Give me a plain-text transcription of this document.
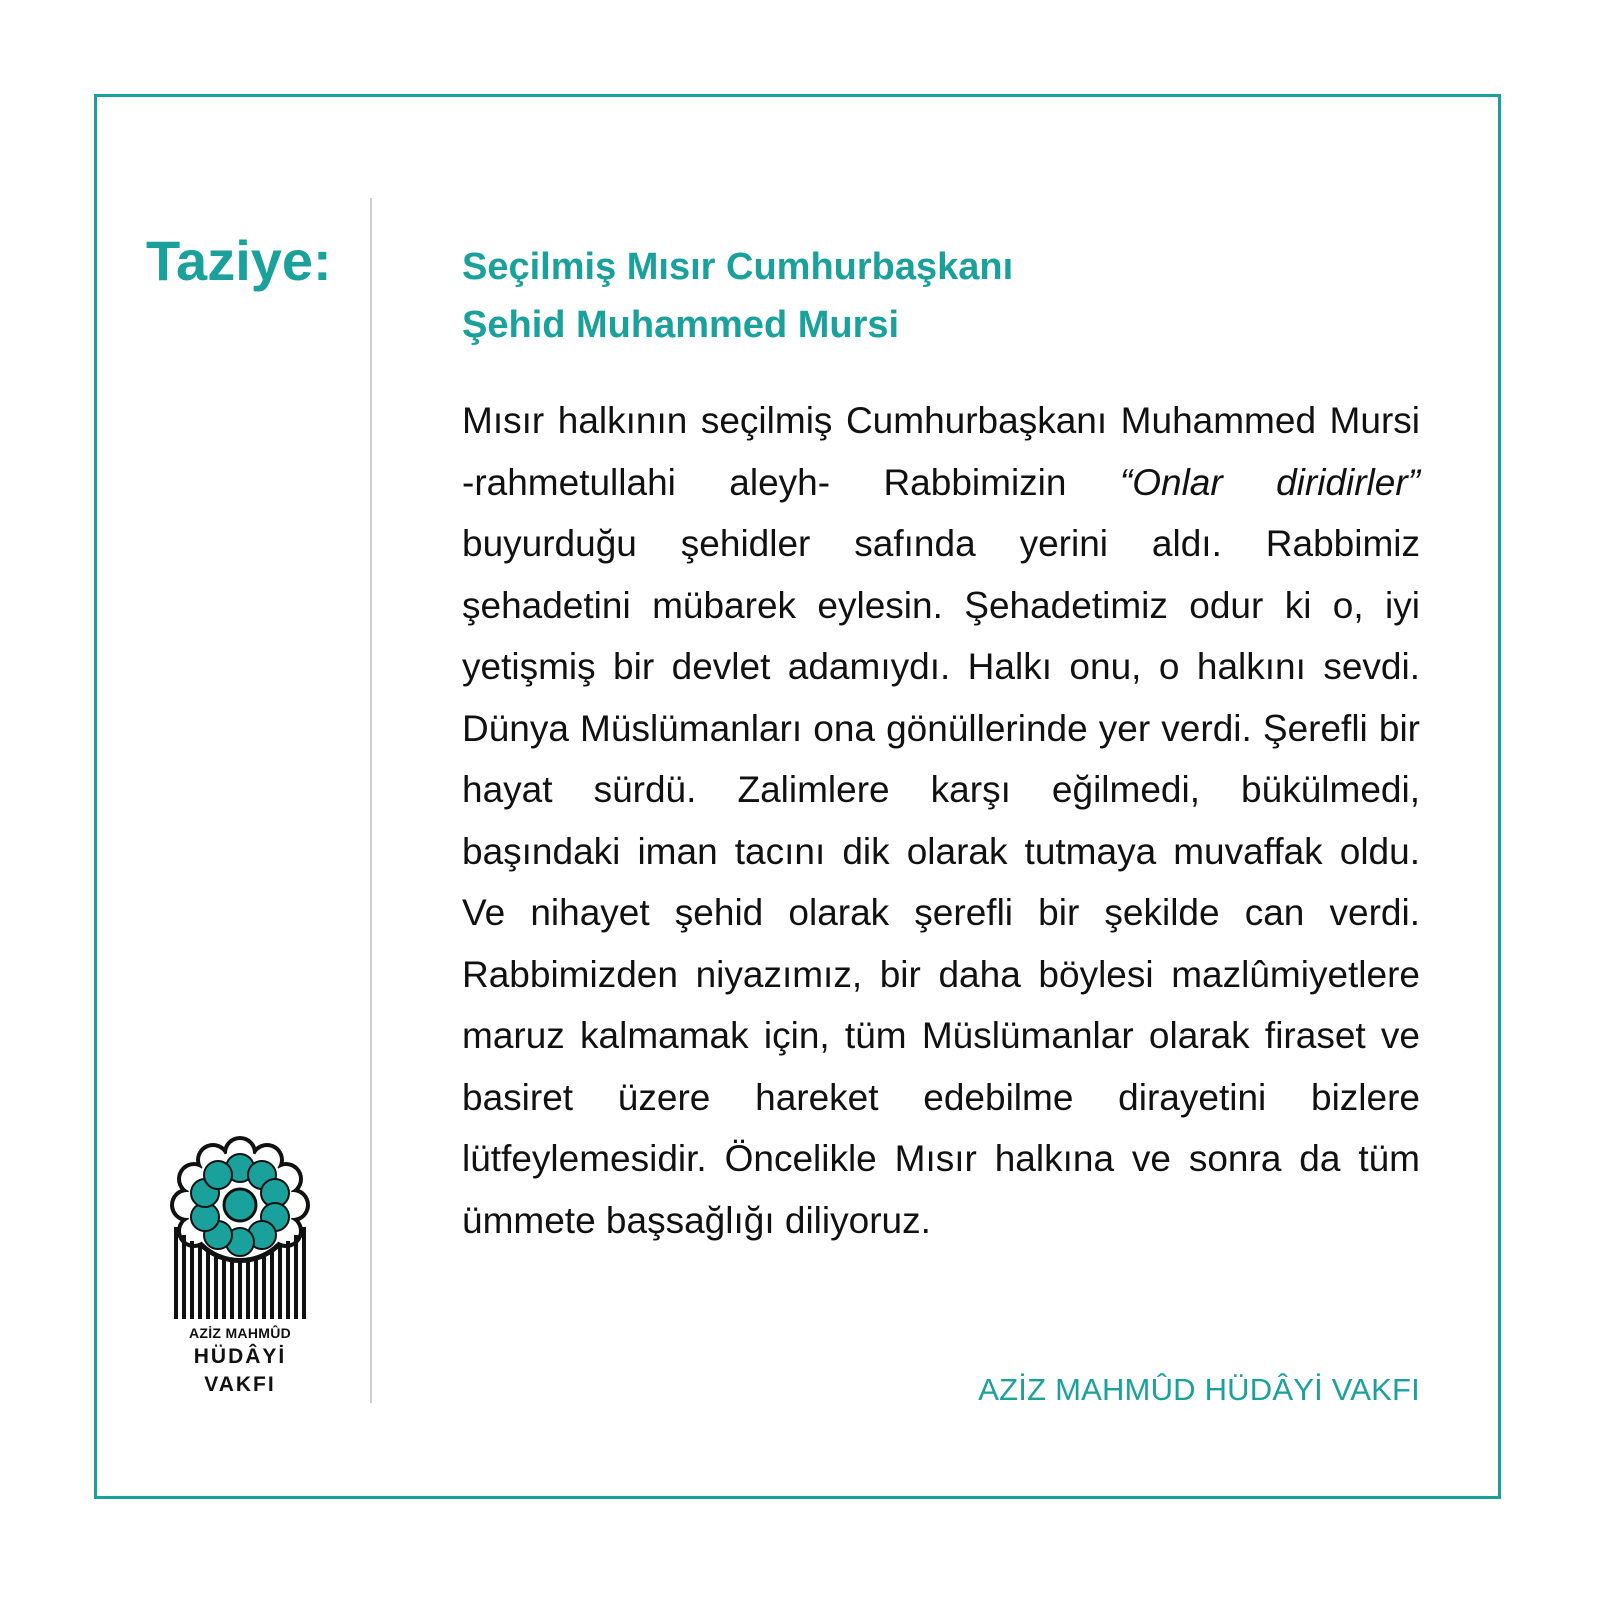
Taziye:	Seçilmiş Mısır Cumhurbaşkanı
Şehid Muhammed Mursi

Mısır halkının seçilmiş Cumhurbaşkanı Muhammed Mursi -rahmetullahi aleyh- Rabbimizin “Onlar diridirler” buyurduğu şehidler safında yerini aldı. Rabbimiz şehadetini mübarek eylesin. Şehadetimiz odur ki o, iyi yetişmiş bir devlet adamıydı. Halkı onu, o halkını sevdi. Dünya Müslümanları ona gönüllerinde yer verdi. Şerefli bir hayat sürdü. Zalimlere karşı eğilmedi, bükülmedi, başındaki iman tacını dik olarak tutmaya muvaffak oldu. Ve nihayet şehid olarak şerefli bir şekilde can verdi. Rabbimizden niyazımız, bir daha böylesi mazlûmiyetlere maruz kalmamak için, tüm Müslümanlar olarak firaset ve basiret üzere hareket edebilme dirayetini bizlere lütfeylemesidir. Öncelikle Mısır halkına ve sonra da tüm ümmete başsağlığı diliyoruz.

AZİZ MAHMÛD HÜDÂYİ VAKFI

AZİZ MAHMÛD
HÜDÂYİ
VAKFI
